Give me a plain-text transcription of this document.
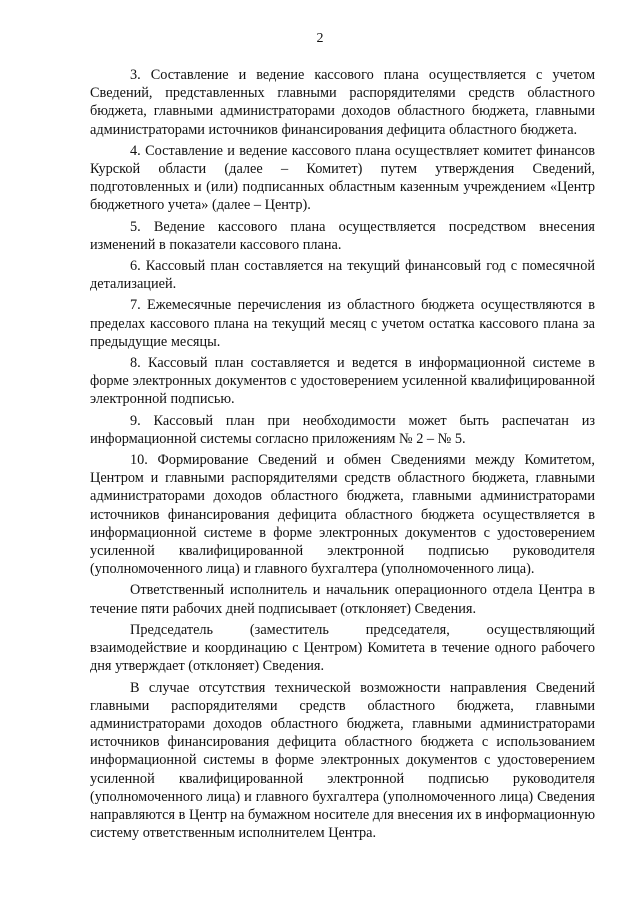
2

3. Составление и ведение кассового плана осуществляется с учетом Сведений, представленных главными распорядителями средств областного бюджета, главными администраторами доходов областного бюджета, главными администраторами источников финансирования дефицита областного бюджета.

4. Составление и ведение кассового плана осуществляет комитет финансов Курской области (далее – Комитет) путем утверждения Сведений, подготовленных и (или) подписанных областным казенным учреждением «Центр бюджетного учета» (далее – Центр).

5. Ведение кассового плана осуществляется посредством внесения изменений в показатели кассового плана.

6. Кассовый план составляется на текущий финансовый год с помесячной детализацией.

7. Ежемесячные перечисления из областного бюджета осуществляются в пределах кассового плана на текущий месяц с учетом остатка кассового плана за предыдущие месяцы.

8. Кассовый план составляется и ведется в информационной системе в форме электронных документов с удостоверением усиленной квалифицированной электронной подписью.

9. Кассовый план при необходимости может быть распечатан из информационной системы согласно приложениям № 2 – № 5.

10. Формирование Сведений и обмен Сведениями между Комитетом, Центром и главными распорядителями средств областного бюджета, главными администраторами доходов областного бюджета, главными администраторами источников финансирования дефицита областного бюджета осуществляется в информационной системе в форме электронных документов с удостоверением усиленной квалифицированной электронной подписью руководителя (уполномоченного лица) и главного бухгалтера (уполномоченного лица).

Ответственный исполнитель и начальник операционного отдела Центра в течение пяти рабочих дней подписывает (отклоняет) Сведения.

Председатель (заместитель председателя, осуществляющий взаимодействие и координацию с Центром) Комитета в течение одного рабочего дня утверждает (отклоняет) Сведения.

В случае отсутствия технической возможности направления Сведений главными распорядителями средств областного бюджета, главными администраторами доходов областного бюджета, главными администраторами источников финансирования дефицита областного бюджета с использованием информационной системы в форме электронных документов с удостоверением усиленной квалифицированной электронной подписью руководителя (уполномоченного лица) и главного бухгалтера (уполномоченного лица) Сведения направляются в Центр на бумажном носителе для внесения их в информационную систему ответственным исполнителем Центра.
